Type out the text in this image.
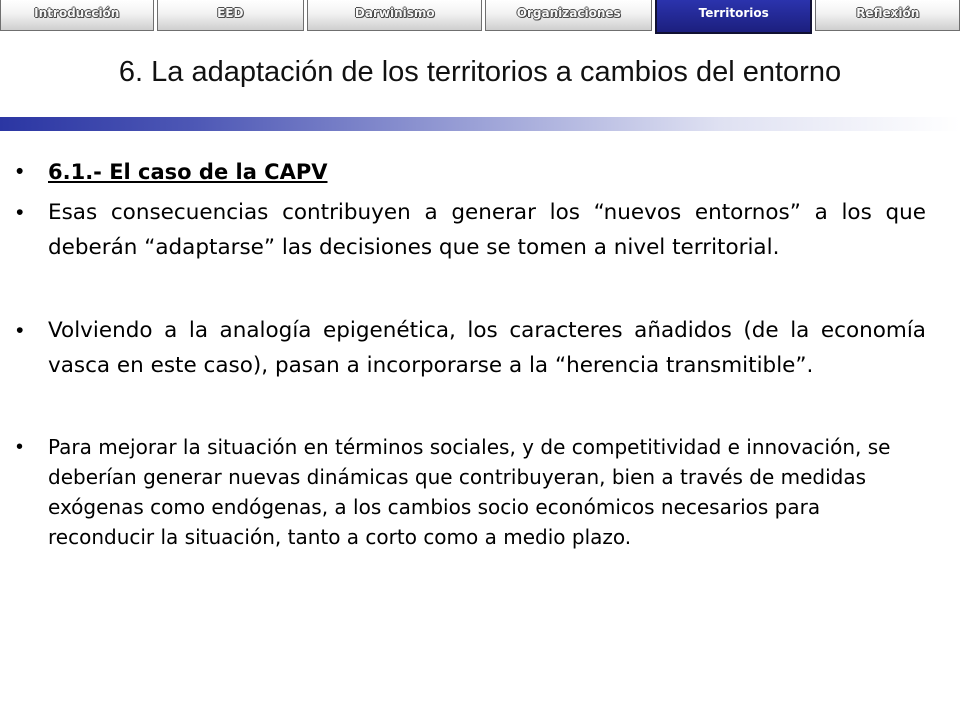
Introducción	EED	Darwinismo	Organizaciones	Territorios	Reflexión
6. La adaptación de los territorios a cambios del entorno
• 6.1.- El caso de la CAPV
• Esas consecuencias contribuyen a generar los “nuevos entornos” a los que deberán “adaptarse” las decisiones que se tomen a nivel territorial.
• Volviendo a la analogía epigenética, los caracteres añadidos (de la economía vasca en este caso), pasan a incorporarse a la “herencia transmitible”.
• Para mejorar la situación en términos sociales, y de competitividad e innovación, se deberían generar nuevas dinámicas que contribuyeran, bien a través de medidas exógenas como endógenas, a los cambios socio económicos necesarios para reconducir la situación, tanto a corto como a medio plazo.
